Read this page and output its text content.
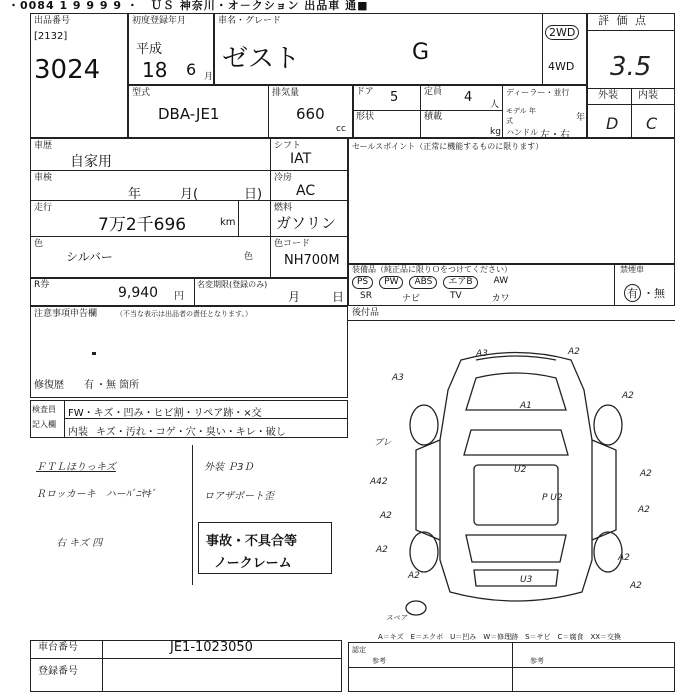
・0084 1 9 9 9 9 ・　ＵＳ 神奈川・オ－クション 出品車 通■
出品番号
[2132]
3024
初度登録年月
平成
18 6 月
車名・グレード
ゼスト	G
2WD
4WD
評 価 点
3.5
外装 内装
D C
型式
DBA-JE1
排気量
660
cc
ドア 5	定員 4 人
形状	積載
kg
ディーラー・並行
モデル 年式	年
ハンドル 左・右
車歴
自家用
シフト
IAT
車検
年	月(	日)
冷房
AC
走行
7万2千696	km
燃料
ガソリン
色
シルバー	色
色コード
NH700M
R券	9,940 円
名変期限(登録のみ)
月	日
セールスポイント（正常に機能するものに限ります）
装備品（純正品に限りＯをつけてください）
PS	PW	ABS	エアB	AW
SR	ナビ	TV	カワ
禁煙車
有 ・無
後付品
注意事項申告欄	（不当な表示は出品者の責任となります。）
修復歴 有 ・無 箇所
検査員
記入欄
FW・キズ・凹み・ヒビ割・リペア跡・×交
内装 キズ・汚れ・コゲ・穴・臭い・キレ・破し
ＦＴＬほりっキズ
Ｒロッカーキ　ハーﾊﾞﾆﾔｷﾞ
右 キズ 四
外装 Ｐ3Ｄ
ロアザポート歪
事故・不具合等
ノークレーム
A3
A1
A2
A3
A2
ブレ
A42
A2
U2
P U2
A2
A2
A2
U3
A2
スペア
A2
A2
A＝キズ　E＝エクボ　U＝凹み　W＝修理跡　S＝サビ　C＝腐食　XX＝交換
車台番号	JE1-1023050
登録番号
認定
参考	参考
